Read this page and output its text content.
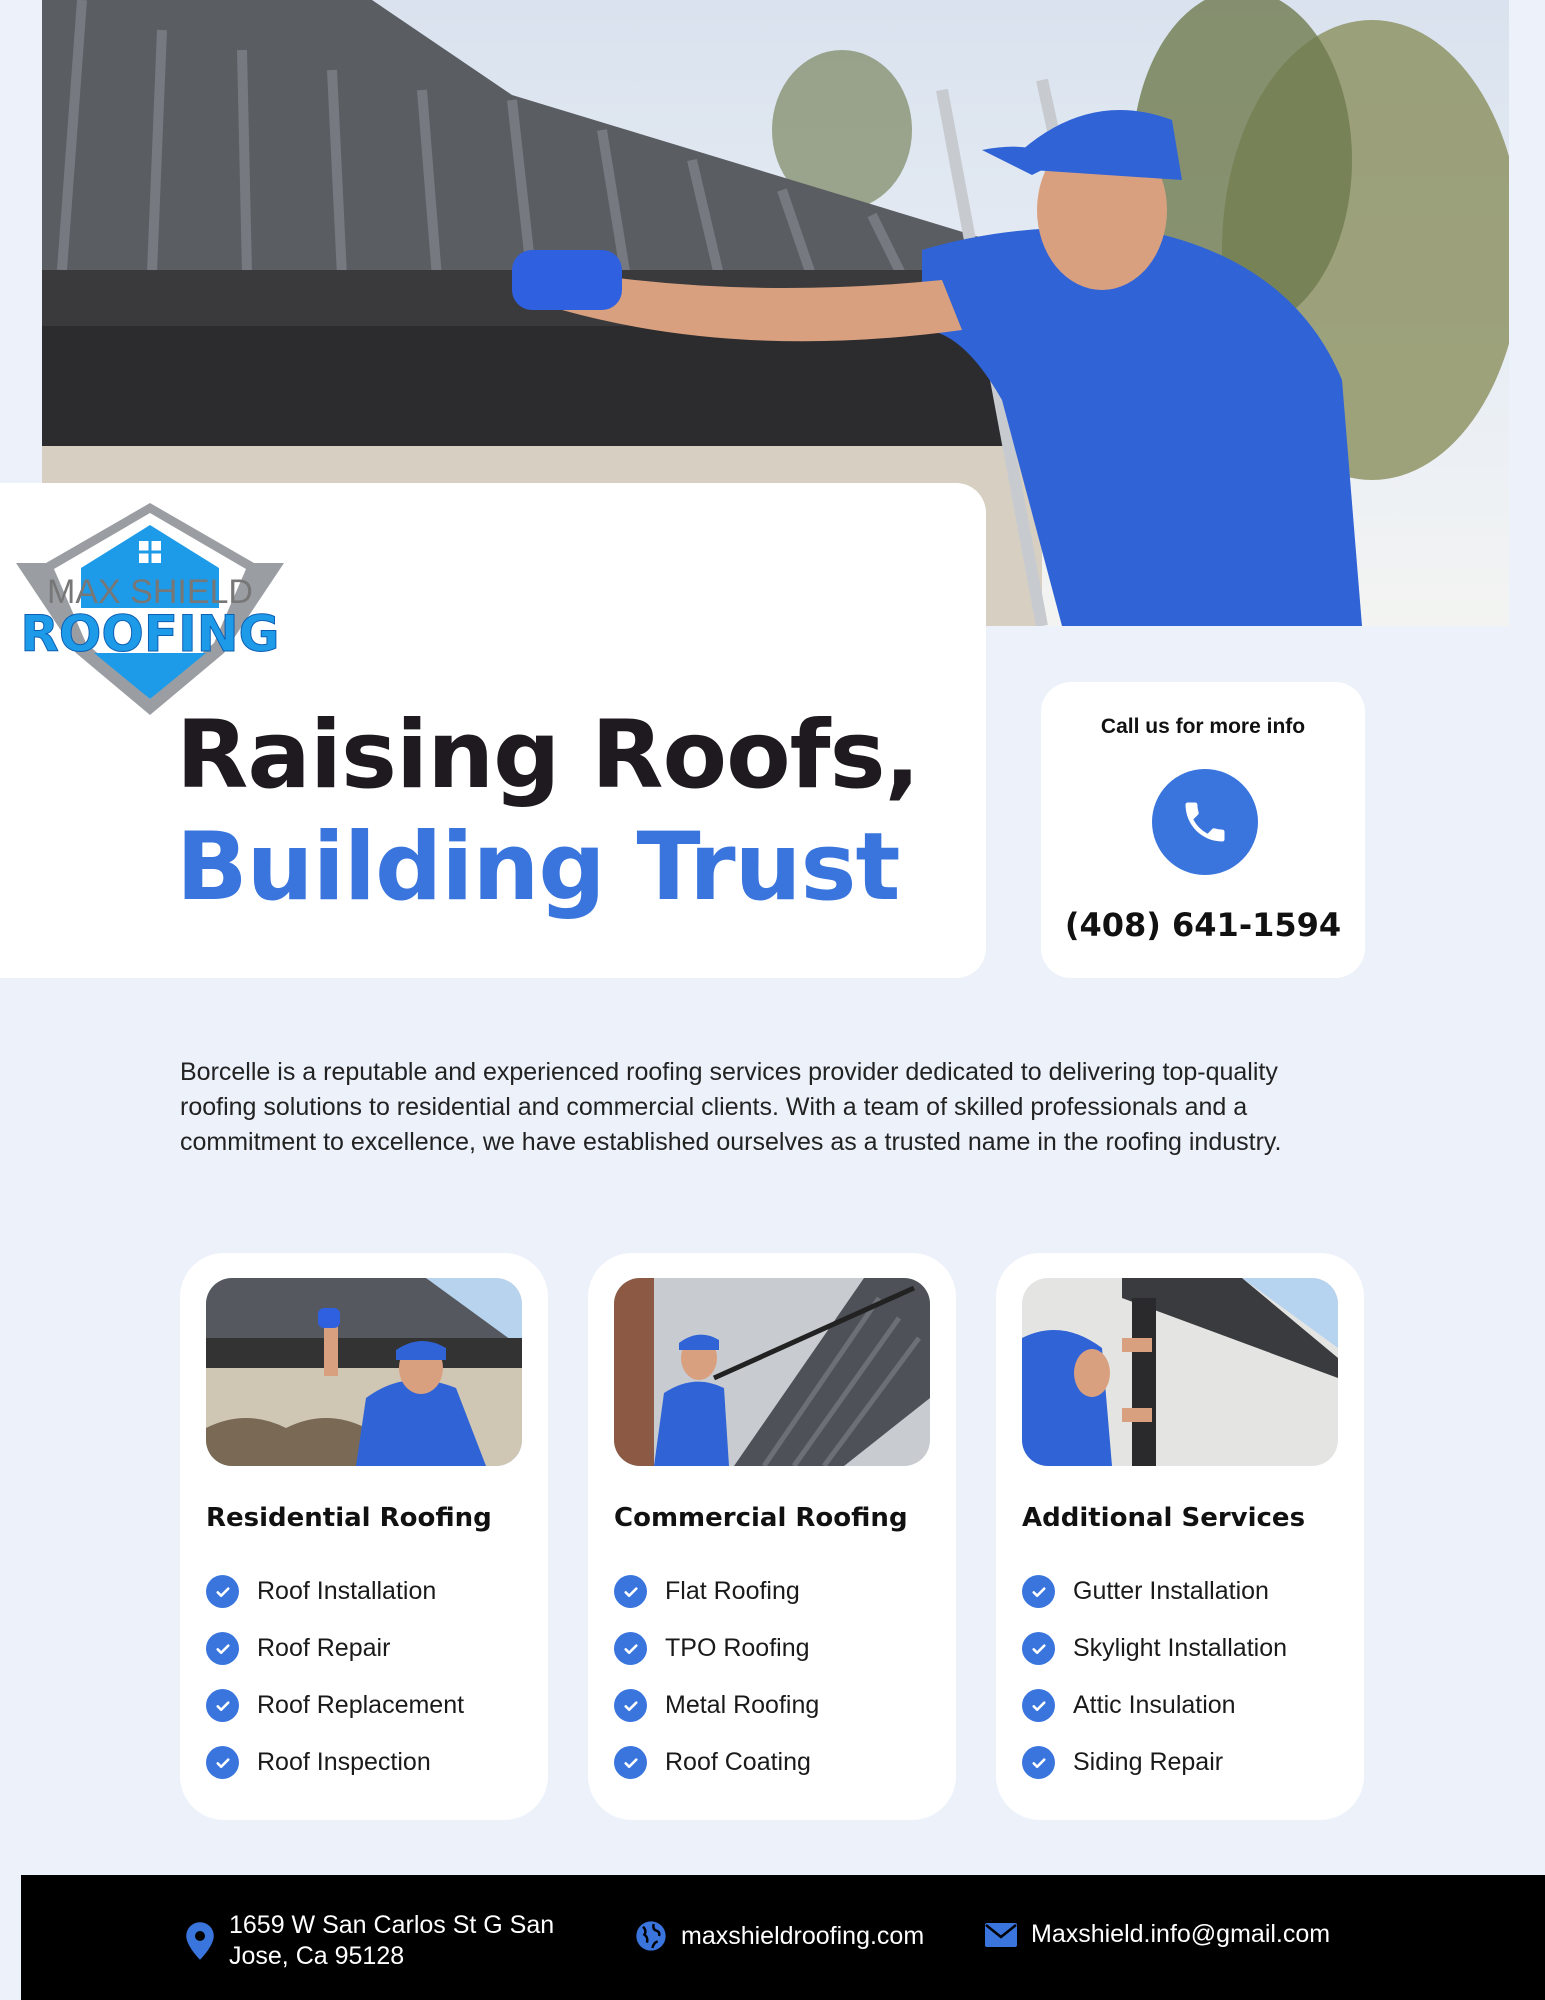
MAX SHIELD
ROOFING
Raising Roofs,
Building Trust
Call us for more info
(408) 641-1594

Borcelle is a reputable and experienced roofing services provider dedicated to delivering top-quality roofing solutions to residential and commercial clients. With a team of skilled professionals and a commitment to excellence, we have established ourselves as a trusted name in the roofing industry.

Residential Roofing
Roof Installation
Roof Repair
Roof Replacement
Roof Inspection
Commercial Roofing
Flat Roofing
TPO Roofing
Metal Roofing
Roof Coating
Additional Services
Gutter Installation
Skylight Installation
Attic Insulation
Siding Repair
1659 W San Carlos St G San
Jose, Ca 95128
maxshieldroofing.com	Maxshield.info@gmail.com
